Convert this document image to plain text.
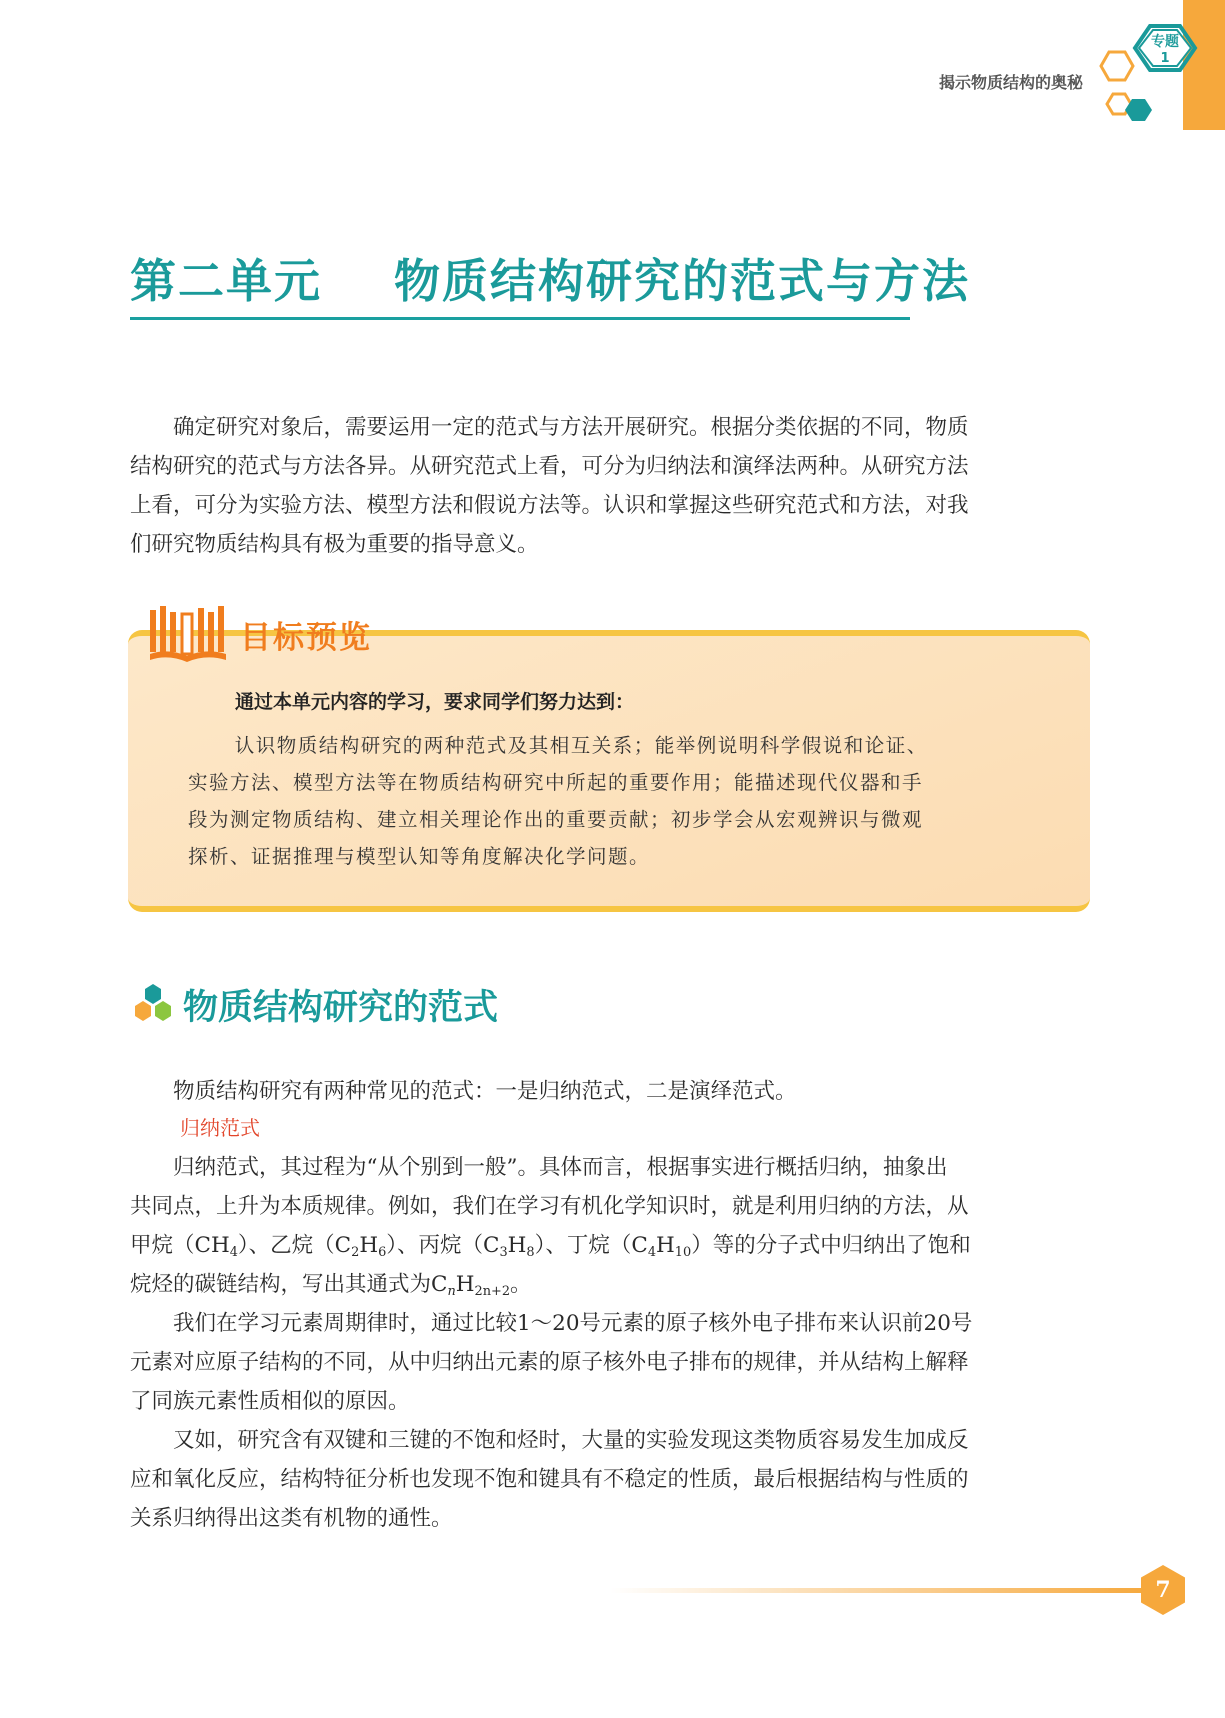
揭示物质结构的奥秘
专题
1
第二单元    物质结构研究的范式与方法

确定研究对象后，需要运用一定的范式与方法开展研究。根据分类依据的不同，物质

结构研究的范式与方法各异。从研究范式上看，可分为归纳法和演绎法两种。从研究方法

上看，可分为实验方法、模型方法和假说方法等。认识和掌握这些研究范式和方法，对我

们研究物质结构具有极为重要的指导意义。

目标预览
通过本单元内容的学习，要求同学们努力达到：

认识物质结构研究的两种范式及其相互关系；能举例说明科学假说和论证、

实验方法、模型方法等在物质结构研究中所起的重要作用；能描述现代仪器和手

段为测定物质结构、建立相关理论作出的重要贡献；初步学会从宏观辨识与微观

探析、证据推理与模型认知等角度解决化学问题。

物质结构研究的范式

物质结构研究有两种常见的范式：一是归纳范式，二是演绎范式。

归纳范式

归纳范式，其过程为“从个别到一般”。具体而言，根据事实进行概括归纳，抽象出

共同点，上升为本质规律。例如，我们在学习有机化学知识时，就是利用归纳的方法，从

甲烷$(CH_4)$、乙烷$(C_2H_6)$、丙烷$(C_3H_8)$、丁烷$(C_4H_{10})$等的分子式中归纳出了饱和

烷烃的碳链结构，写出其通式为$C_nH_{2n+2}$。

我们在学习元素周期律时，通过比较1～20号元素的原子核外电子排布来认识前20号

元素对应原子结构的不同，从中归纳出元素的原子核外电子排布的规律，并从结构上解释

了同族元素性质相似的原因。

又如，研究含有双键和三键的不饱和烃时，大量的实验发现这类物质容易发生加成反

应和氧化反应，结构特征分析也发现不饱和键具有不稳定的性质，最后根据结构与性质的

关系归纳得出这类有机物的通性。

7
